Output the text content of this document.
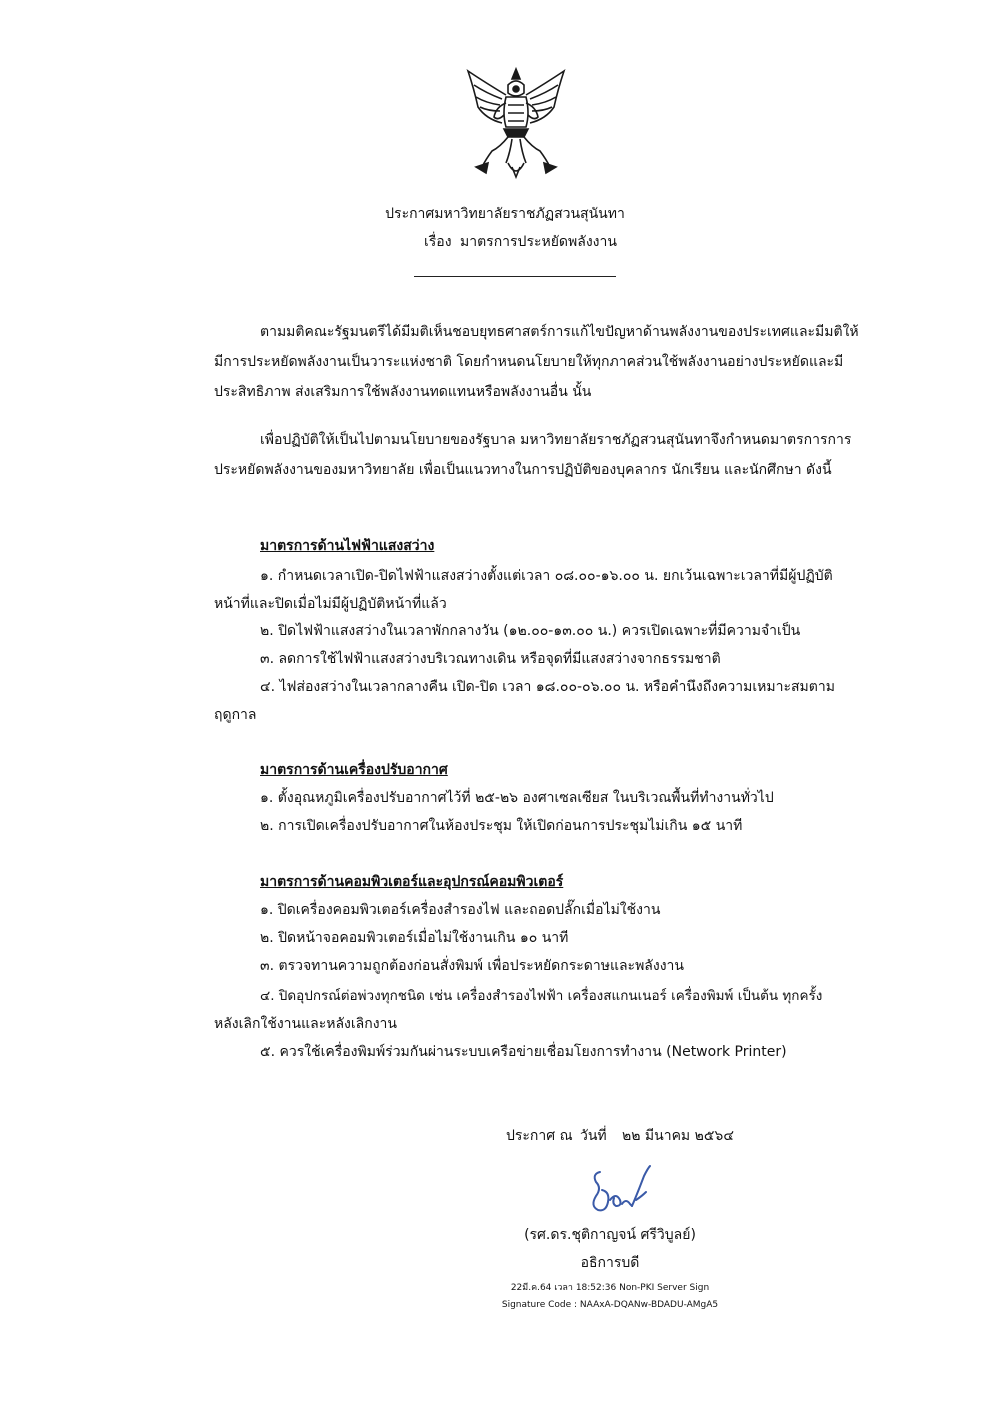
ประกาศมหาวิทยาลัยราชภัฏสวนสุนันทา
เรื่อง มาตรการประหยัดพลังงาน
ตามมติคณะรัฐมนตรีได้มีมติเห็นชอบยุทธศาสตร์การแก้ไขปัญหาด้านพลังงานของประเทศและมีมติให้
มีการประหยัดพลังงานเป็นวาระแห่งชาติ โดยกำหนดนโยบายให้ทุกภาคส่วนใช้พลังงานอย่างประหยัดและมี
ประสิทธิภาพ ส่งเสริมการใช้พลังงานทดแทนหรือพลังงานอื่น นั้น
เพื่อปฏิบัติให้เป็นไปตามนโยบายของรัฐบาล มหาวิทยาลัยราชภัฏสวนสุนันทาจึงกำหนดมาตรการการ
ประหยัดพลังงานของมหาวิทยาลัย เพื่อเป็นแนวทางในการปฏิบัติของบุคลากร นักเรียน และนักศึกษา ดังนี้
มาตรการด้านไฟฟ้าแสงสว่าง
๑. กำหนดเวลาเปิด-ปิดไฟฟ้าแสงสว่างตั้งแต่เวลา ๐๘.๐๐-๑๖.๐๐ น. ยกเว้นเฉพาะเวลาที่มีผู้ปฏิบัติ
หน้าที่และปิดเมื่อไม่มีผู้ปฏิบัติหน้าที่แล้ว
๒. ปิดไฟฟ้าแสงสว่างในเวลาพักกลางวัน (๑๒.๐๐-๑๓.๐๐ น.) ควรเปิดเฉพาะที่มีความจำเป็น
๓. ลดการใช้ไฟฟ้าแสงสว่างบริเวณทางเดิน หรือจุดที่มีแสงสว่างจากธรรมชาติ
๔. ไฟส่องสว่างในเวลากลางคืน เปิด-ปิด เวลา ๑๘.๐๐-๐๖.๐๐ น. หรือคำนึงถึงความเหมาะสมตาม
ฤดูกาล
มาตรการด้านเครื่องปรับอากาศ
๑. ตั้งอุณหภูมิเครื่องปรับอากาศไว้ที่ ๒๕-๒๖ องศาเซลเซียส ในบริเวณพื้นที่ทำงานทั่วไป
๒. การเปิดเครื่องปรับอากาศในห้องประชุม ให้เปิดก่อนการประชุมไม่เกิน ๑๕ นาที
มาตรการด้านคอมพิวเตอร์และอุปกรณ์คอมพิวเตอร์
๑. ปิดเครื่องคอมพิวเตอร์เครื่องสำรองไฟ และถอดปลั๊กเมื่อไม่ใช้งาน
๒. ปิดหน้าจอคอมพิวเตอร์เมื่อไม่ใช้งานเกิน ๑๐ นาที
๓. ตรวจทานความถูกต้องก่อนสั่งพิมพ์ เพื่อประหยัดกระดาษและพลังงาน
๔. ปิดอุปกรณ์ต่อพ่วงทุกชนิด เช่น เครื่องสำรองไฟฟ้า เครื่องสแกนเนอร์ เครื่องพิมพ์ เป็นต้น ทุกครั้ง
หลังเลิกใช้งานและหลังเลิกงาน
๕. ควรใช้เครื่องพิมพ์ร่วมกันผ่านระบบเครือข่ายเชื่อมโยงการทำงาน (Network Printer)
ประกาศ ณ วันที่ ๒๒ มีนาคม ๒๕๖๔
(รศ.ดร.ชุติกาญจน์ ศรีวิบูลย์)
อธิการบดี
22มี.ค.64 เวลา 18:52:36 Non-PKI Server Sign
Signature Code : NAAxA-DQANw-BDADU-AMgA5
